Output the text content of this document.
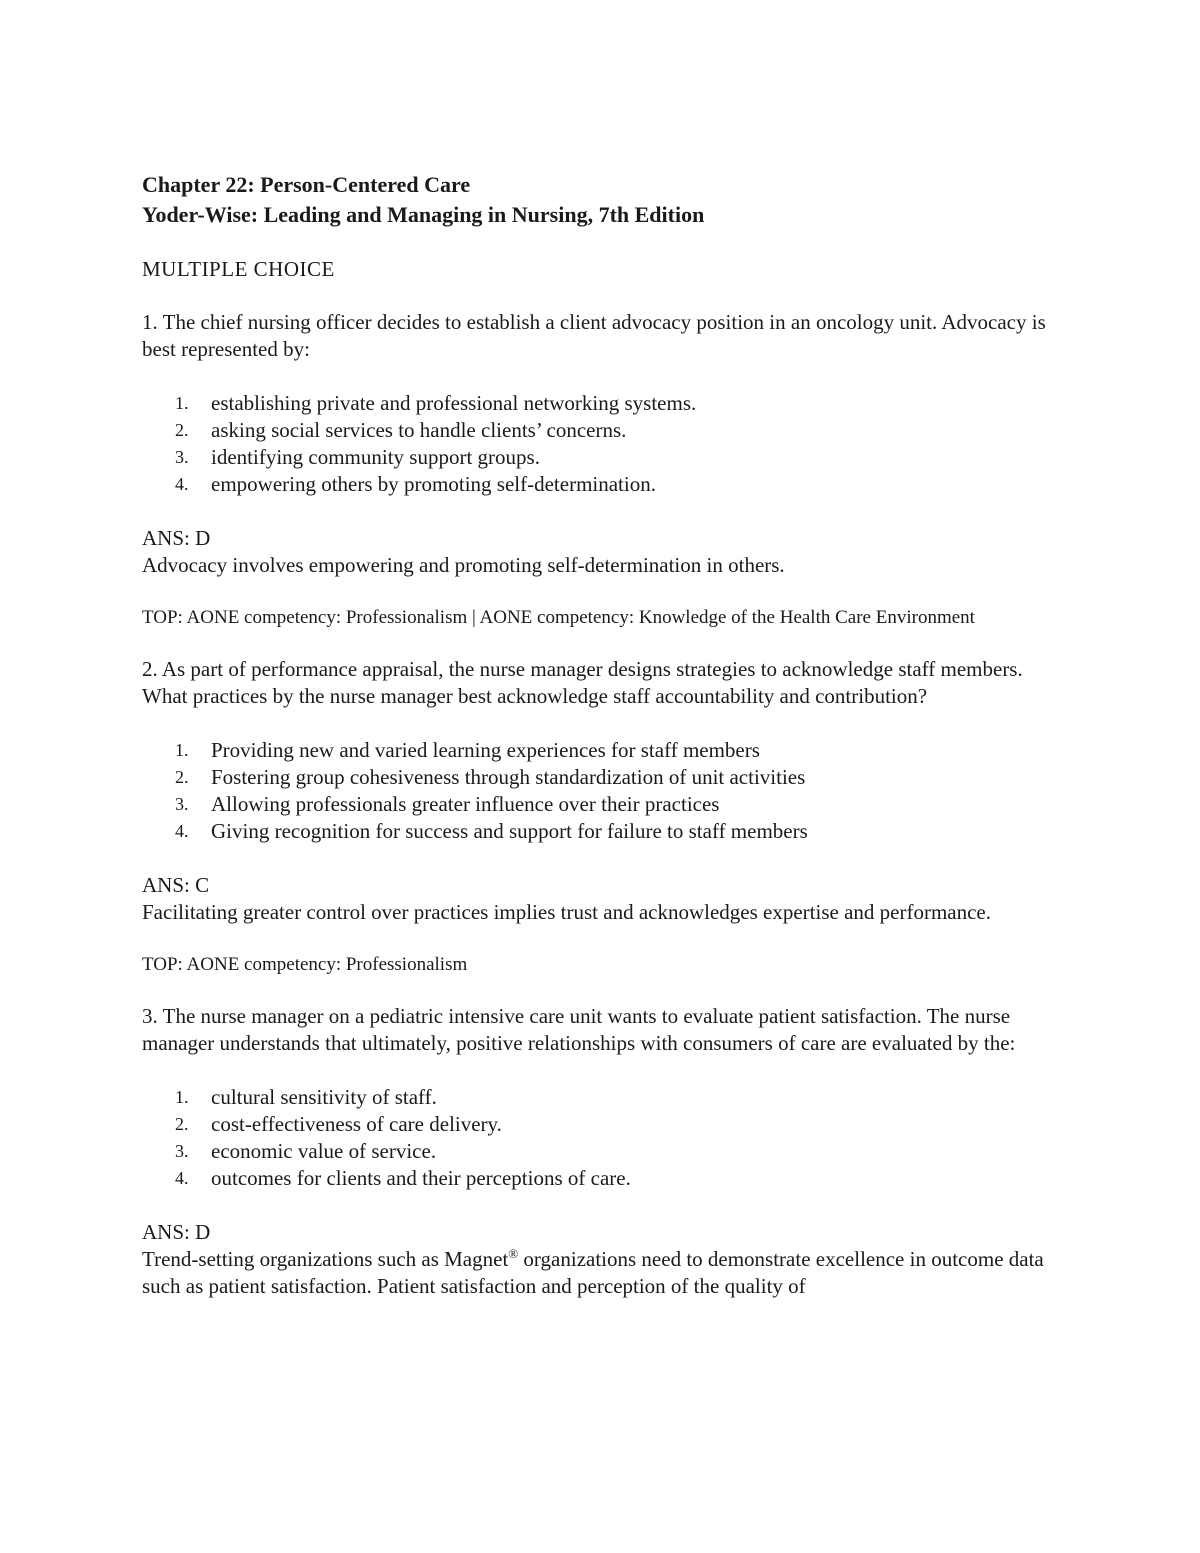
Chapter 22: Person-Centered Care

Yoder-Wise: Leading and Managing in Nursing, 7th Edition

MULTIPLE CHOICE

1. The chief nursing officer decides to establish a client advocacy position in an oncology unit. Advocacy is best represented by:

1. establishing private and professional networking systems.
2. asking social services to handle clients’ concerns.
3. identifying community support groups.
4. empowering others by promoting self-determination.
ANS: D
Advocacy involves empowering and promoting self-determination in others.
TOP: AONE competency: Professionalism | AONE competency: Knowledge of the Health Care Environment

2. As part of performance appraisal, the nurse manager designs strategies to acknowledge staff members. What practices by the nurse manager best acknowledge staff accountability and contribution?

1. Providing new and varied learning experiences for staff members
2. Fostering group cohesiveness through standardization of unit activities
3. Allowing professionals greater influence over their practices
4. Giving recognition for success and support for failure to staff members
ANS: C
Facilitating greater control over practices implies trust and acknowledges expertise and performance.
TOP: AONE competency: Professionalism

3. The nurse manager on a pediatric intensive care unit wants to evaluate patient satisfaction. The nurse manager understands that ultimately, positive relationships with consumers of care are evaluated by the:

1. cultural sensitivity of staff.
2. cost-effectiveness of care delivery.
3. economic value of service.
4. outcomes for clients and their perceptions of care.
ANS: D
Trend-setting organizations such as Magnet® organizations need to demonstrate excellence in outcome data such as patient satisfaction. Patient satisfaction and perception of the quality of
